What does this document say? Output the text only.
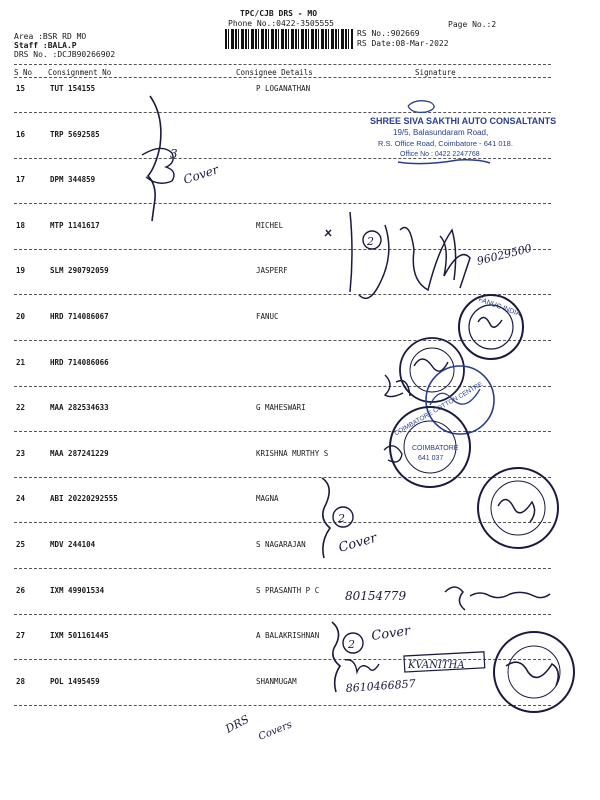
TPC/CJB DRS - MO
Phone No.:0422-3505555	Page No.:2
RS No.:902669
RS Date:08-Mar-2022
Area :BSR RD MO
Staff :BALA.P
DRS No. :DCJB90266902
S No Consignment No	Consignee Details	Signature
15	TUT 154155	P LOGANATHAN
16	TRP 5692585
17	DPM 344859
18	MTP 1141617	MICHEL
19	SLM 290792059	JASPERF
20	HRD 714086067	FANUC
21	HRD 714086066
22	MAA 282534633	G MAHESWARI
23	MAA 287241229	KRISHNA MURTHY S
24	ABI 20220292555	MAGNA
25	MDV 244104	S NAGARAJAN
26	IXM 49901534	S PRASANTH P C
27	IXM 501161445	A BALAKRISHNAN
28	POL 1495459	SHANMUGAM
SHREE SIVA SAKTHI AUTO CONSALTANTS
19/5, Balasundaram Road,
R.S. Office Road, Coimbatore - 641 018.
Office No : 0422 2247768
3
Cover
2
96029500
FANUC INDIA
COIMBATORE COTTON CENTRE
COIMBATORE
641 037
2
Cover
80154779
2
Cover
KVANITHA
8610466857
DRS Covers
